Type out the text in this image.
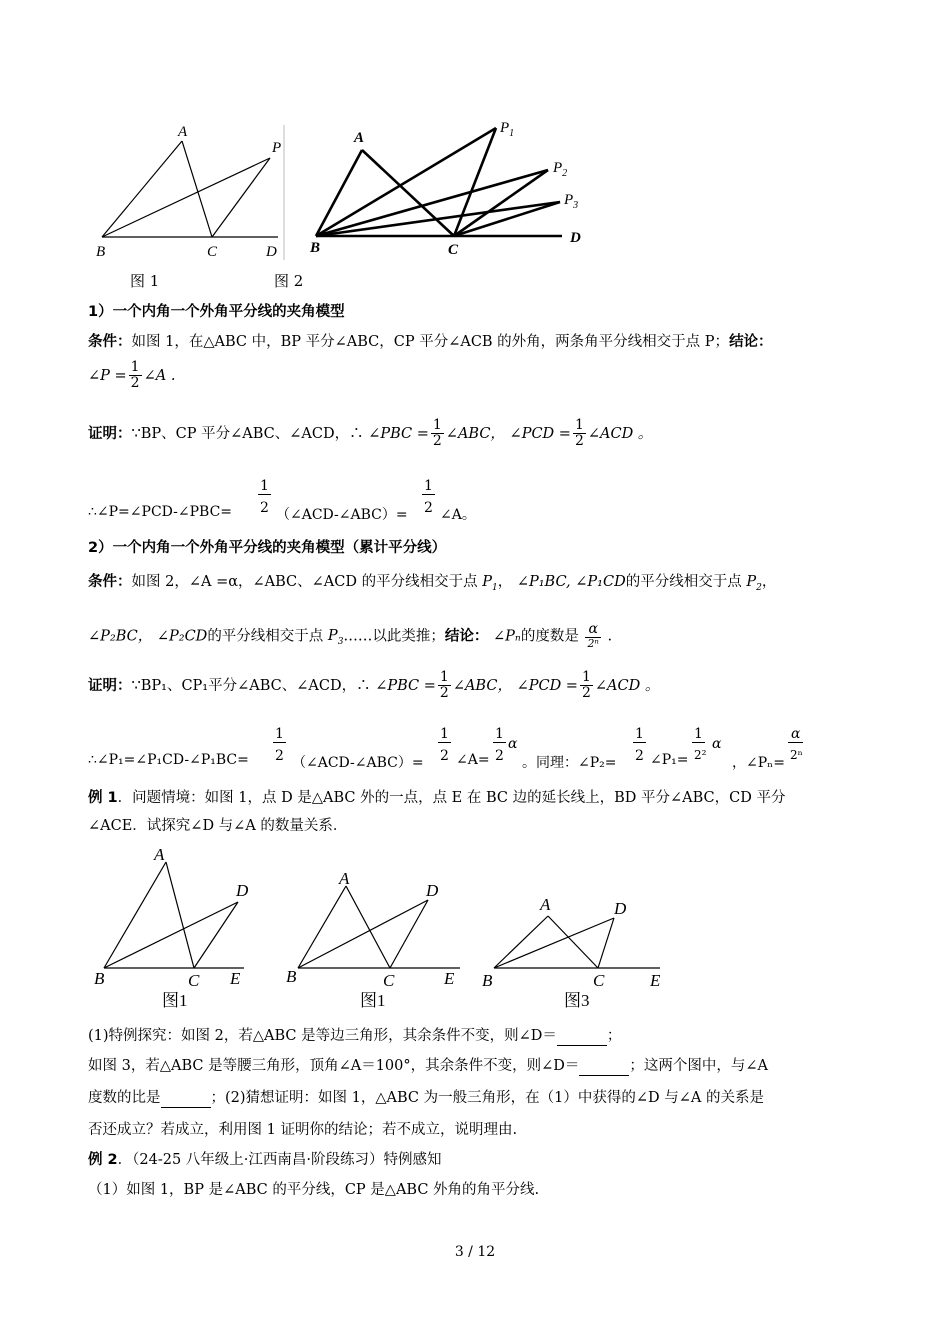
A
P
B	C	D
A
$P_1$
$P_2$
$P_3$
B	C
D
图 1	图 2
1）一个内角一个外角平分线的夹角模型
条件：如图 1，在△ABC 中，BP 平分∠ABC，CP 平分∠ACB 的外角，两条角平分线相交于点 P；结论：
∠P = $\frac{1}{2}$ ∠A .
证明：∵BP、CP 平分∠ABC、∠ACD，∴ ∠PBC = $\frac{1}{2}$ ∠ABC， ∠PCD = $\frac{1}{2}$ ∠ACD 。
∴∠P=∠PCD-∠PBC=
1
2 （∠ACD-∠ABC）=
1
2 ∠A。
2）一个内角一个外角平分线的夹角模型（累计平分线）
条件：如图 2，∠A =α，∠ABC、∠ACD 的平分线相交于点 $P_1$， ∠P₁BC, ∠P₁CD的平分线相交于点 $P_2$，
∠P₂BC， ∠P₂CD的平分线相交于点 $P_3\dots\dots$以此类推；结论： ∠Pₙ的度数是 $\frac{\alpha}{\text{2ⁿ}}$ .
证明：∵BP₁、CP₁平分∠ABC、∠ACD，∴ ∠PBC = $\frac{1}{2}$ ∠ABC， ∠PCD = $\frac{1}{2}$ ∠ACD 。
∴∠P₁=∠P₁CD-∠P₁BC=
1
2 （∠ACD-∠ABC）=
1
2 ∠A=
1
2
α
。同理：∠P₂=
1
2 ∠P₁=
1
2²
α
，∠Pₙ=
α
2ⁿ
例 1．问题情境：如图 1，点 D 是△ABC 外的一点，点 E 在 BC 边的延长线上，BD 平分∠ABC，CD 平分
∠ACE．试探究∠D 与∠A 的数量关系．
A
D
B	C E
图1
A
D
B	C	E
图1
A	D
B	C	E
图3
(1)特例探究：如图 2，若△ABC 是等边三角形，其余条件不变，则∠D＝	；
如图 3，若△ABC 是等腰三角形，顶角∠A＝100°，其余条件不变，则∠D＝	；这两个图中，与∠A
度数的比是	；(2)猜想证明：如图 1，△ABC 为一般三角形，在（1）中获得的∠D 与∠A 的关系是
否还成立？若成立，利用图 1 证明你的结论；若不成立，说明理由.
例 2．（24-25 八年级上·江西南昌·阶段练习）特例感知
（1）如图 1，BP 是∠ABC 的平分线，CP 是△ABC 外角的角平分线.
3 / 12
